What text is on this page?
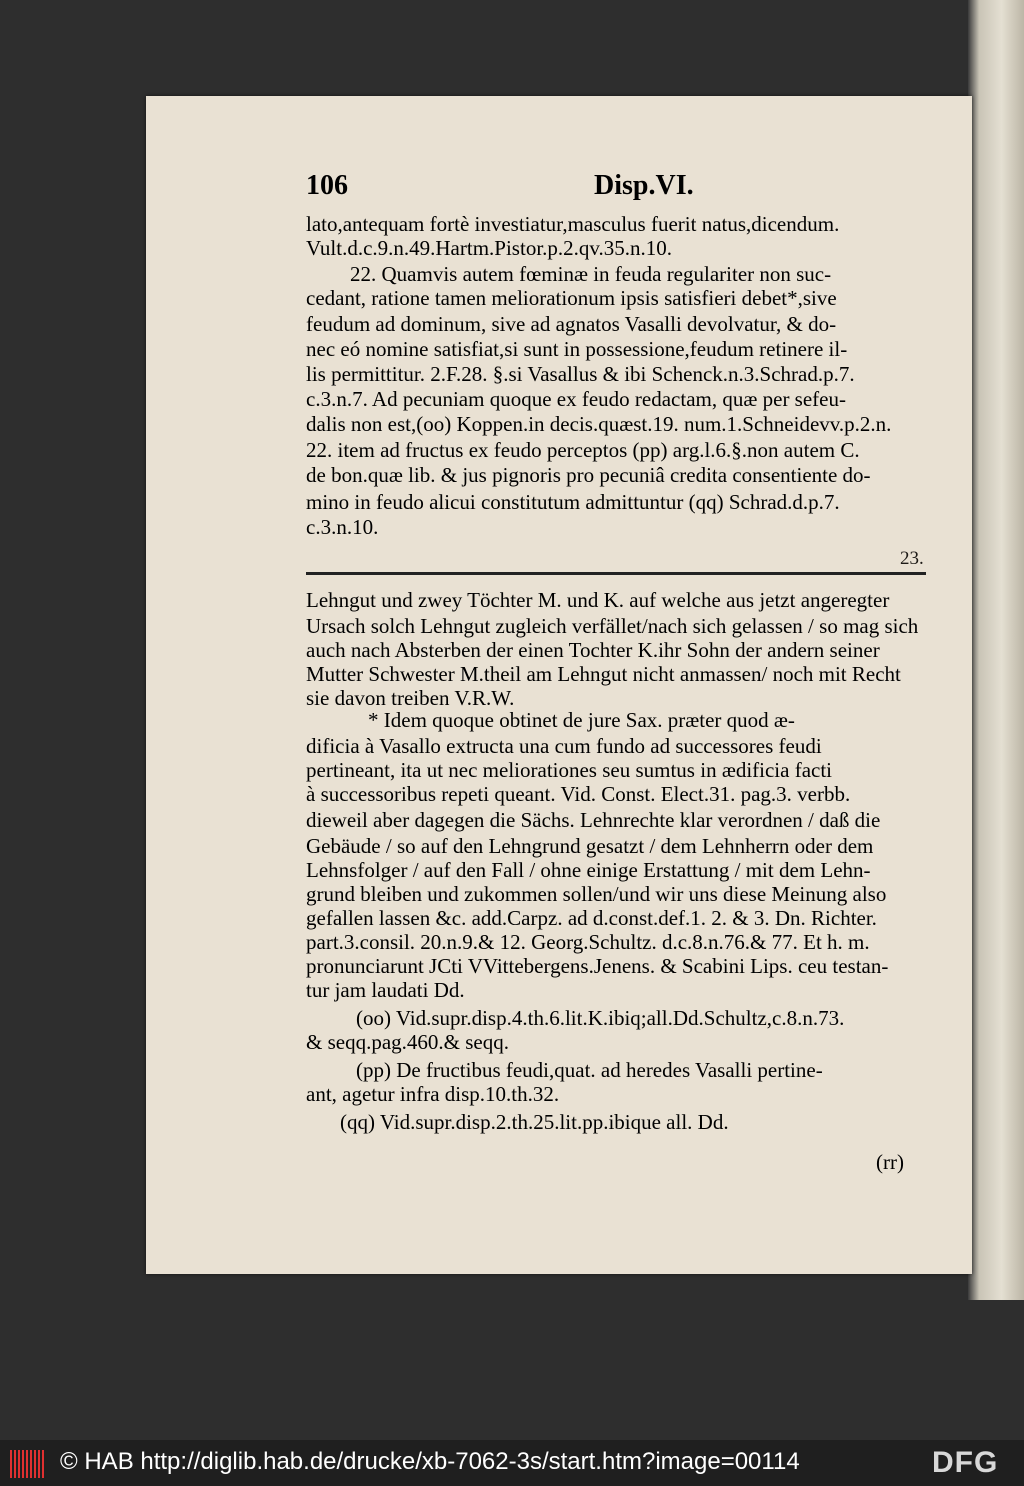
106	Disp.VI.
lato,antequam fortè investiatur,masculus fuerit natus,dicendum.
Vult.d.c.9.n.49.Hartm.Pistor.p.2.qv.35.n.10.
22. Quamvis autem fœminæ in feuda regulariter non suc-
cedant, ratione tamen meliorationum ipsis satisfieri debet*,sive
feudum ad dominum, sive ad agnatos Vasalli devolvatur, & do-
nec eó nomine satisfiat,si sunt in possessione,feudum retinere il-
lis permittitur. 2.F.28. §.si Vasallus & ibi Schenck.n.3.Schrad.p.7.
c.3.n.7. Ad pecuniam quoque ex feudo redactam, quæ per sefeu-
dalis non est,(oo) Koppen.in decis.quæst.19. num.1.Schneidevv.p.2.n.
22. item ad fructus ex feudo perceptos (pp) arg.l.6.§.non autem C.
de bon.quæ lib. & jus pignoris pro pecuniâ credita consentiente do-
mino in feudo alicui constitutum admittuntur (qq) Schrad.d.p.7.
c.3.n.10.
23.
Lehngut und zwey Töchter M. und K. auf welche aus jetzt angeregter
Ursach solch Lehngut zugleich verfället/nach sich gelassen / so mag sich
auch nach Absterben der einen Tochter K.ihr Sohn der andern seiner
Mutter Schwester M.theil am Lehngut nicht anmassen/ noch mit Recht
sie davon treiben V.R.W.
* Idem quoque obtinet de jure Sax. præter quod æ-
dificia à Vasallo extructa una cum fundo ad successores feudi
pertineant, ita ut nec meliorationes seu sumtus in ædificia facti
à successoribus repeti queant. Vid. Const. Elect.31. pag.3. verbb.
dieweil aber dagegen die Sächs. Lehnrechte klar verordnen / daß die
Gebäude / so auf den Lehngrund gesatzt / dem Lehnherrn oder dem
Lehnsfolger / auf den Fall / ohne einige Erstattung / mit dem Lehn-
grund bleiben und zukommen sollen/und wir uns diese Meinung also
gefallen lassen &c. add.Carpz. ad d.const.def.1. 2. & 3. Dn. Richter.
part.3.consil. 20.n.9.& 12. Georg.Schultz. d.c.8.n.76.& 77. Et h. m.
pronunciarunt JCti VVittebergens.Jenens. & Scabini Lips. ceu testan-
tur jam laudati Dd.
(oo) Vid.supr.disp.4.th.6.lit.K.ibiq;all.Dd.Schultz,c.8.n.73.
& seqq.pag.460.& seqq.
(pp) De fructibus feudi,quat. ad heredes Vasalli pertine-
ant, agetur infra disp.10.th.32.
(qq) Vid.supr.disp.2.th.25.lit.pp.ibique all. Dd.
(rr)
© HAB http://diglib.hab.de/drucke/xb-7062-3s/start.htm?image=00114	DFG
